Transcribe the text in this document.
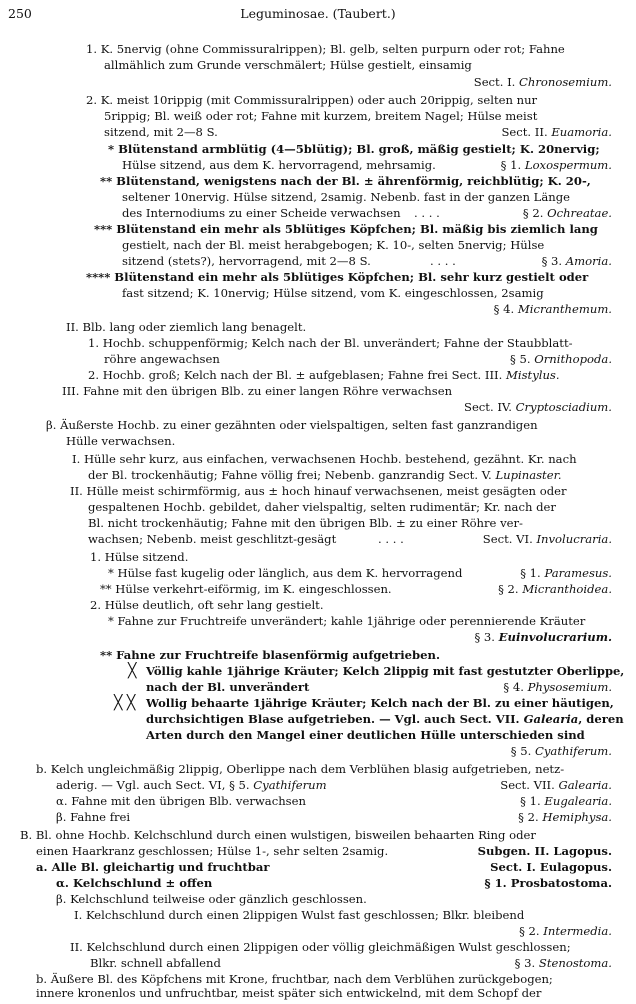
250	Leguminosae. (Taubert.)
1. K. 5nervig (ohne Commissuralrippen); Bl. gelb, selten purpurn oder rot; Fahne
allmählich zum Grunde verschmälert; Hülse gestielt, einsamig
Sect. I. Chronosemium.
2. K. meist 10rippig (mit Commissuralrippen) oder auch 20rippig, selten nur
5rippig; Bl. weiß oder rot; Fahne mit kurzem, breitem Nagel; Hülse meist
sitzend, mit 2—8 S.	Sect. II. Euamoria.
* Blütenstand armblütig (4—5blütig); Bl. groß, mäßig gestielt; K. 20nervig;
Hülse sitzend, aus dem K. hervorragend, mehrsamig.	§ 1. Loxospermum.
** Blütenstand, wenigstens nach der Bl. ± ährenförmig, reichblütig; K. 20-,
seltener 10nervig. Hülse sitzend, 2samig. Nebenb. fast in der ganzen Länge
des Internodiums zu einer Scheide verwachsen . . . .	§ 2. Ochreatae.
*** Blütenstand ein mehr als 5blütiges Köpfchen; Bl. mäßig bis ziemlich lang
gestielt, nach der Bl. meist herabgebogen; K. 10-, selten 5nervig; Hülse
sitzend (stets?), hervorragend, mit 2—8 S.	. . . .	§ 3. Amoria.
**** Blütenstand ein mehr als 5blütiges Köpfchen; Bl. sehr kurz gestielt oder
fast sitzend; K. 10nervig; Hülse sitzend, vom K. eingeschlossen, 2samig
§ 4. Micranthemum.
II. Blb. lang oder ziemlich lang benagelt.
1. Hochb. schuppenförmig; Kelch nach der Bl. unverändert; Fahne der Staubblatt-
röhre angewachsen	§ 5. Ornithopoda.
2. Hochb. groß; Kelch nach der Bl. ± aufgeblasen; Fahne frei Sect. III. Mistylus.
III. Fahne mit den übrigen Blb. zu einer langen Röhre verwachsen
Sect. IV. Cryptosciadium.
β. Äußerste Hochb. zu einer gezähnten oder vielspaltigen, selten fast ganzrandigen
Hülle verwachsen.
I. Hülle sehr kurz, aus einfachen, verwachsenen Hochb. bestehend, gezähnt. Kr. nach
der Bl. trockenhäutig; Fahne völlig frei; Nebenb. ganzrandig Sect. V. Lupinaster.
II. Hülle meist schirmförmig, aus ± hoch hinauf verwachsenen, meist gesägten oder
gespaltenen Hochb. gebildet, daher vielspaltig, selten rudimentär; Kr. nach der
Bl. nicht trockenhäutig; Fahne mit den übrigen Blb. ± zu einer Röhre ver-
wachsen; Nebenb. meist geschlitzt-gesägt	. . . .	Sect. VI. Involucraria.
1. Hülse sitzend.
* Hülse fast kugelig oder länglich, aus dem K. hervorragend	§ 1. Paramesus.
** Hülse verkehrt-eiförmig, im K. eingeschlossen.	§ 2. Micranthoidea.
2. Hülse deutlich, oft sehr lang gestielt.
* Fahne zur Fruchtreife unverändert; kahle 1jährige oder perennierende Kräuter
§ 3. Euinvolucrarium.
** Fahne zur Fruchtreife blasenförmig aufgetrieben.
╳ Völlig kahle 1jährige Kräuter; Kelch 2lippig mit fast gestutzter Oberlippe,
nach der Bl. unverändert	§ 4. Physosemium.
╳ ╳ Wollig behaarte 1jährige Kräuter; Kelch nach der Bl. zu einer häutigen,
durchsichtigen Blase aufgetrieben. — Vgl. auch Sect. VII. Galearia, deren
Arten durch den Mangel einer deutlichen Hülle unterschieden sind
§ 5. Cyathiferum.
b. Kelch ungleichmäßig 2lippig, Oberlippe nach dem Verblühen blasig aufgetrieben, netz-
aderig. — Vgl. auch Sect. VI, § 5. Cyathiferum	Sect. VII. Galearia.
α. Fahne mit den übrigen Blb. verwachsen	§ 1. Eugalearia.
β. Fahne frei	§ 2. Hemiphysa.
B. Bl. ohne Hochb. Kelchschlund durch einen wulstigen, bisweilen behaarten Ring oder
einen Haarkranz geschlossen; Hülse 1-, sehr selten 2samig.	Subgen. II. Lagopus.
a. Alle Bl. gleichartig und fruchtbar	Sect. I. Eulagopus.
α. Kelchschlund ± offen	§ 1. Prosbatostoma.
β. Kelchschlund teilweise oder gänzlich geschlossen.
I. Kelchschlund durch einen 2lippigen Wulst fast geschlossen; Blkr. bleibend
§ 2. Intermedia.
II. Kelchschlund durch einen 2lippigen oder völlig gleichmäßigen Wulst geschlossen;
Blkr. schnell abfallend	§ 3. Stenostoma.
b. Äußere Bl. des Köpfchens mit Krone, fruchtbar, nach dem Verblühen zurückgebogen;
innere kronenlos und unfruchtbar, meist später sich entwickelnd, mit dem Schopf der
